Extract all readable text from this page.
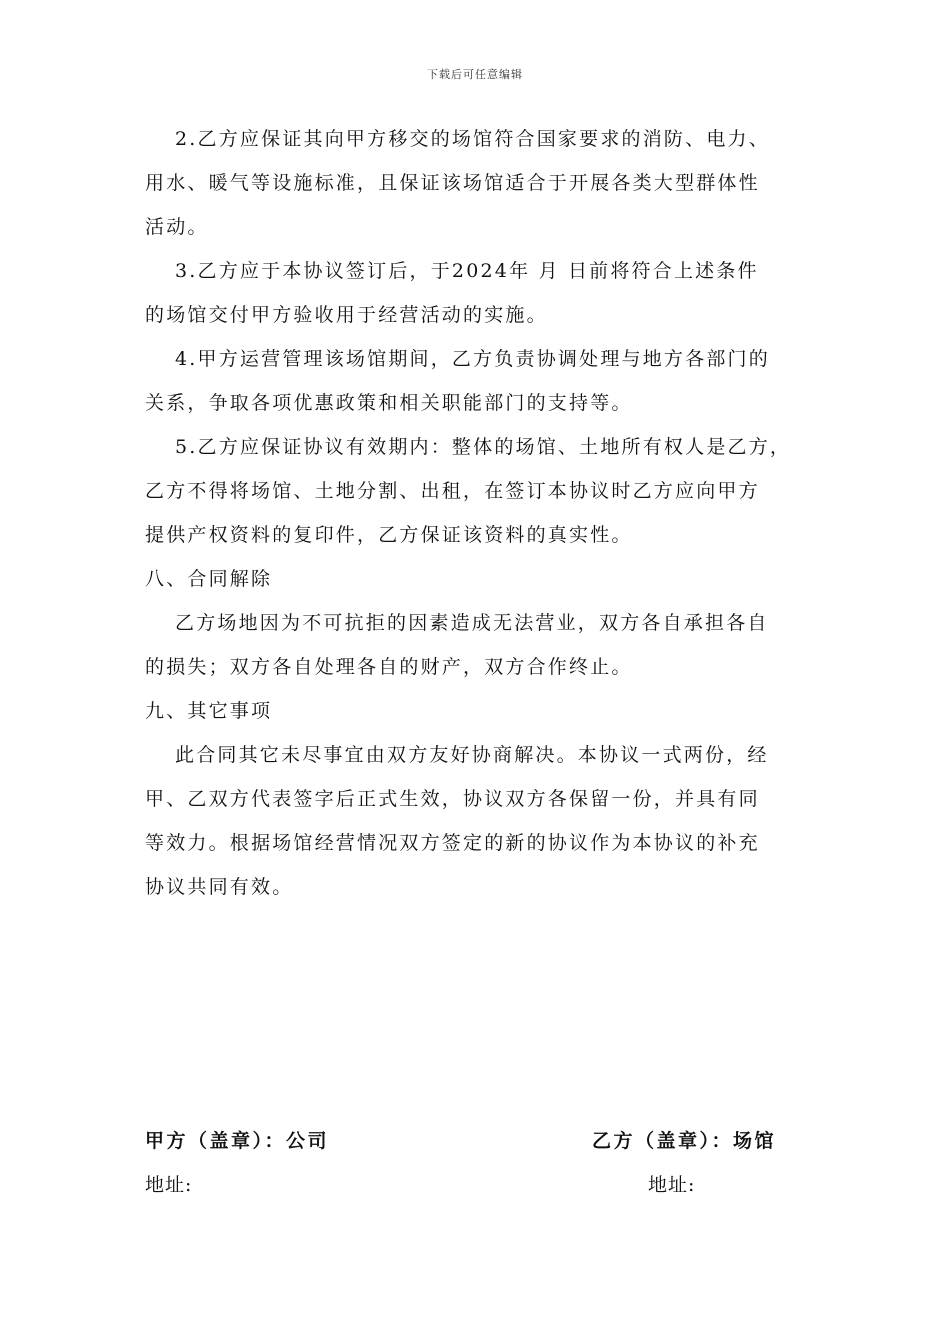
下载后可任意编辑
2.乙方应保证其向甲方移交的场馆符合国家要求的消防、电力、
用水、暖气等设施标准，且保证该场馆适合于开展各类大型群体性
活动。
3.乙方应于本协议签订后，于2024年 月 日前将符合上述条件
的场馆交付甲方验收用于经营活动的实施。
4.甲方运营管理该场馆期间，乙方负责协调处理与地方各部门的
关系，争取各项优惠政策和相关职能部门的支持等。
5.乙方应保证协议有效期内：整体的场馆、土地所有权人是乙方，
乙方不得将场馆、土地分割、出租，在签订本协议时乙方应向甲方
提供产权资料的复印件，乙方保证该资料的真实性。
八、合同解除
乙方场地因为不可抗拒的因素造成无法营业，双方各自承担各自
的损失；双方各自处理各自的财产，双方合作终止。
九、其它事项
此合同其它未尽事宜由双方友好协商解决。本协议一式两份，经
甲、乙双方代表签字后正式生效，协议双方各保留一份，并具有同
等效力。根据场馆经营情况双方签定的新的协议作为本协议的补充
协议共同有效。
甲方（盖章）：公司	乙方（盖章）：场馆
地址:	地址:
